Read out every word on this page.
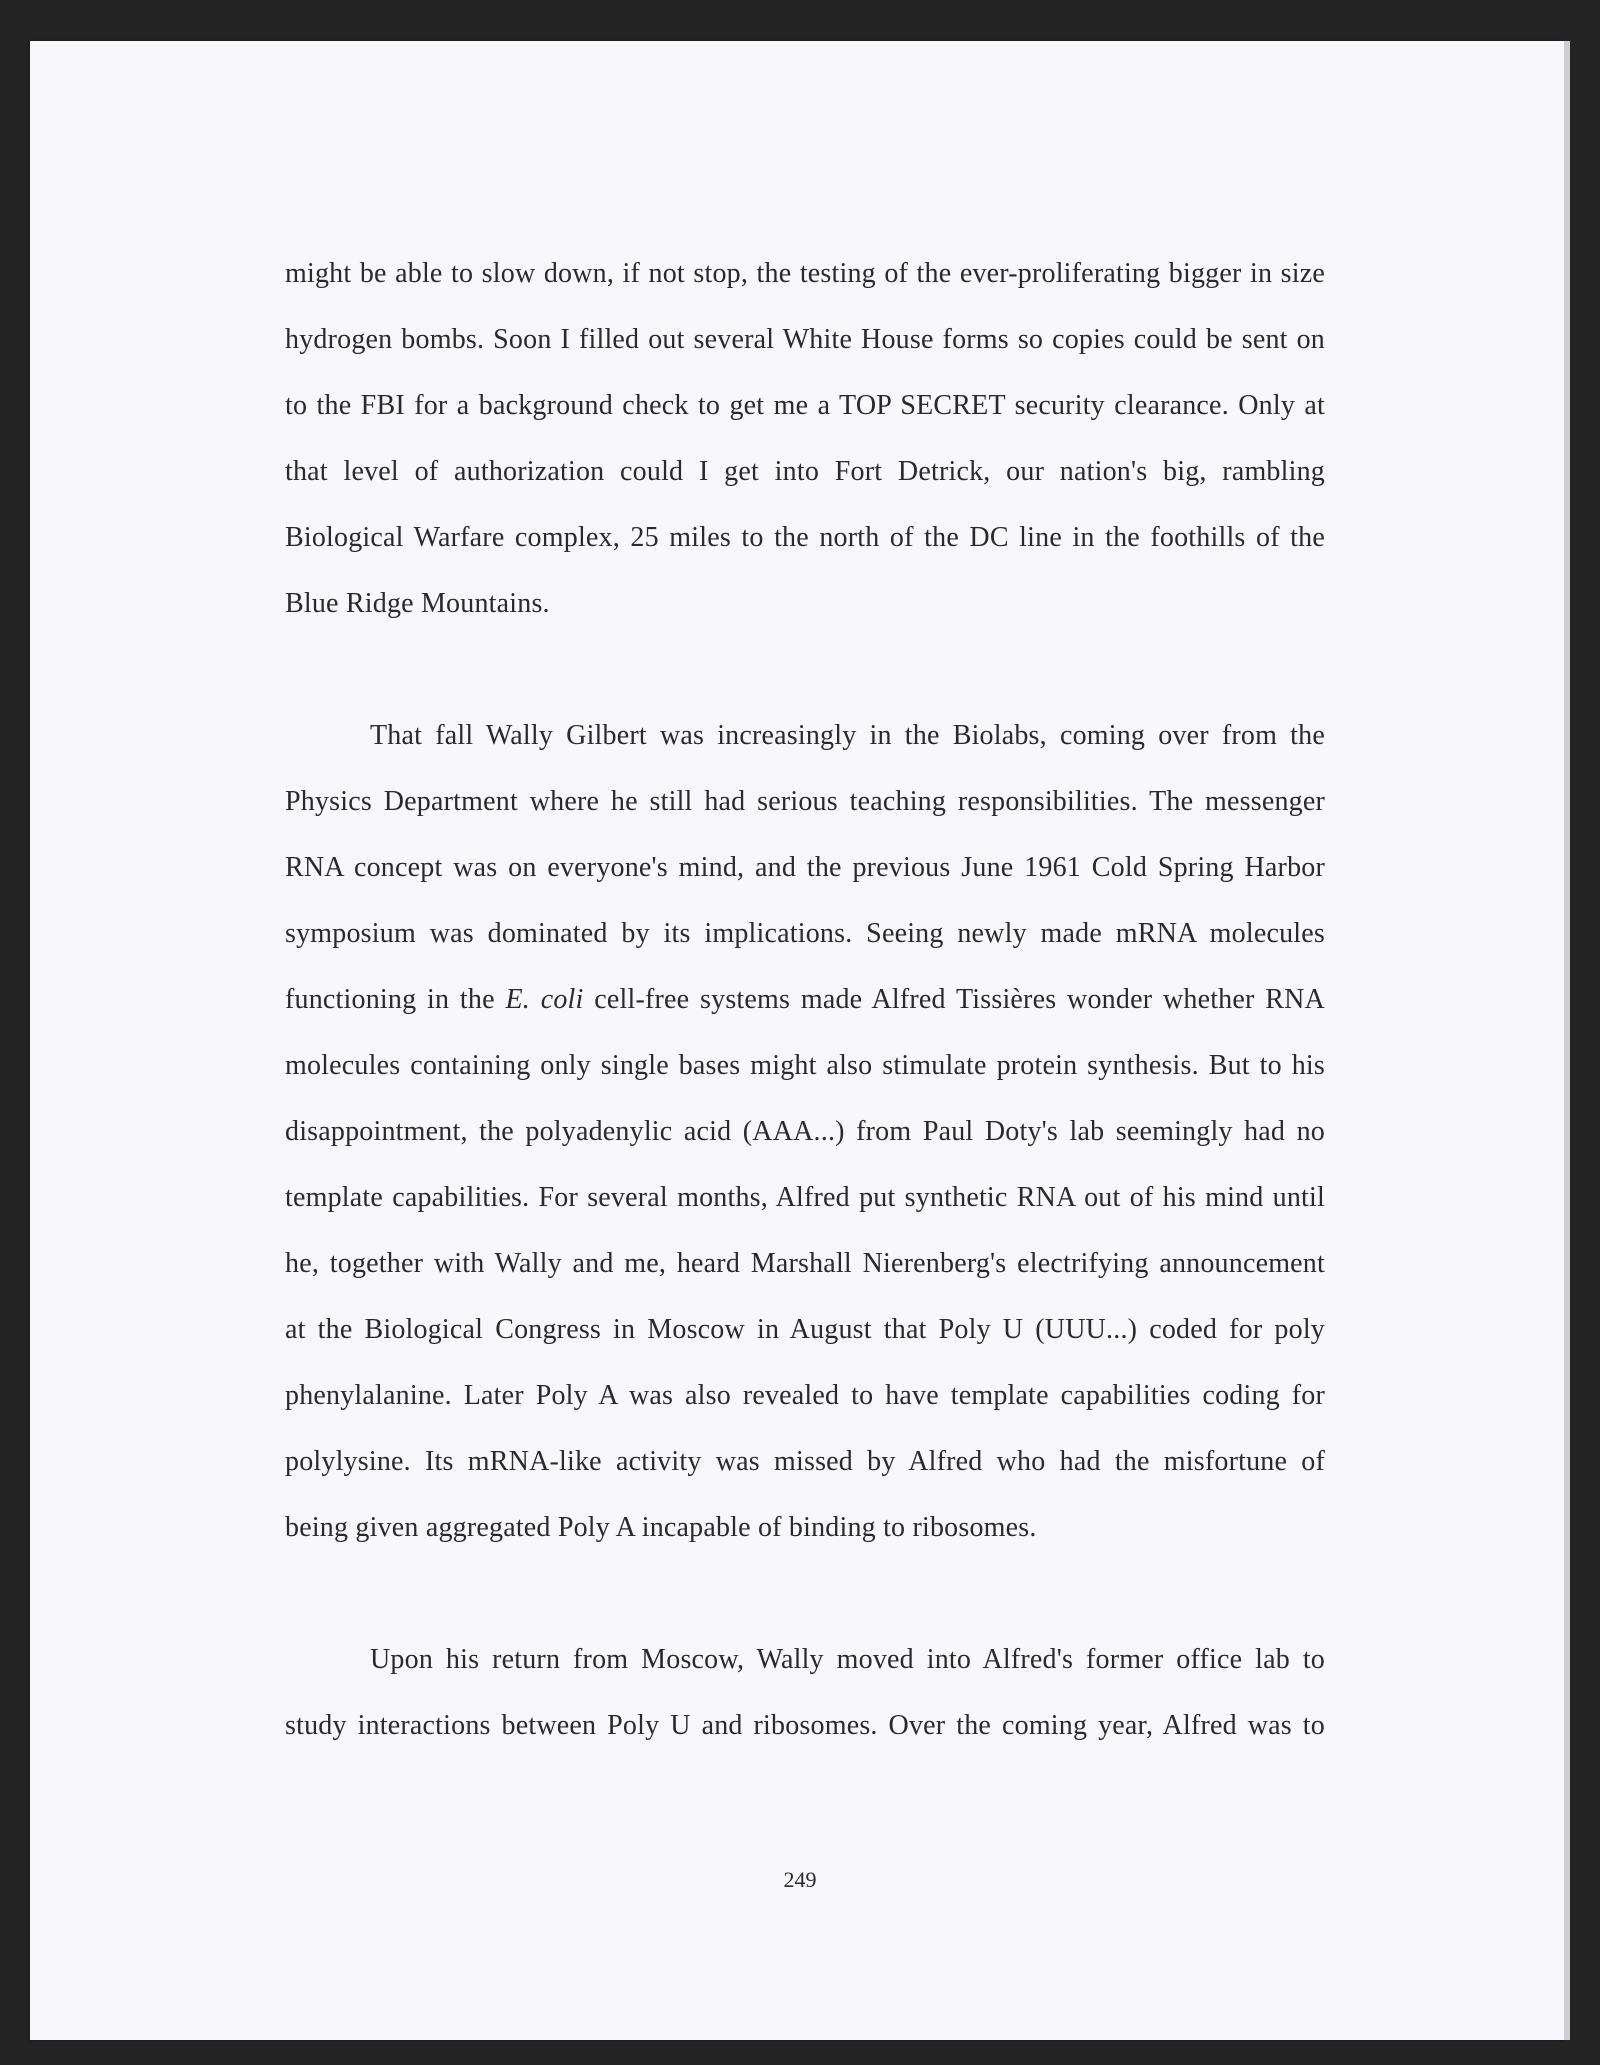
might be able to slow down, if not stop, the testing of the ever-proliferating bigger in size
hydrogen bombs. Soon I filled out several White House forms so copies could be sent on
to the FBI for a background check to get me a TOP SECRET security clearance. Only at
that level of authorization could I get into Fort Detrick, our nation's big, rambling
Biological Warfare complex, 25 miles to the north of the DC line in the foothills of the
Blue Ridge Mountains.
That fall Wally Gilbert was increasingly in the Biolabs, coming over from the
Physics Department where he still had serious teaching responsibilities. The messenger
RNA concept was on everyone's mind, and the previous June 1961 Cold Spring Harbor
symposium was dominated by its implications. Seeing newly made mRNA molecules
functioning in the E. coli cell-free systems made Alfred Tissières wonder whether RNA
molecules containing only single bases might also stimulate protein synthesis. But to his
disappointment, the polyadenylic acid (AAA...) from Paul Doty's lab seemingly had no
template capabilities. For several months, Alfred put synthetic RNA out of his mind until
he, together with Wally and me, heard Marshall Nierenberg's electrifying announcement
at the Biological Congress in Moscow in August that Poly U (UUU...) coded for poly
phenylalanine. Later Poly A was also revealed to have template capabilities coding for
polylysine. Its mRNA-like activity was missed by Alfred who had the misfortune of
being given aggregated Poly A incapable of binding to ribosomes.
Upon his return from Moscow, Wally moved into Alfred's former office lab to
study interactions between Poly U and ribosomes. Over the coming year, Alfred was to
249
